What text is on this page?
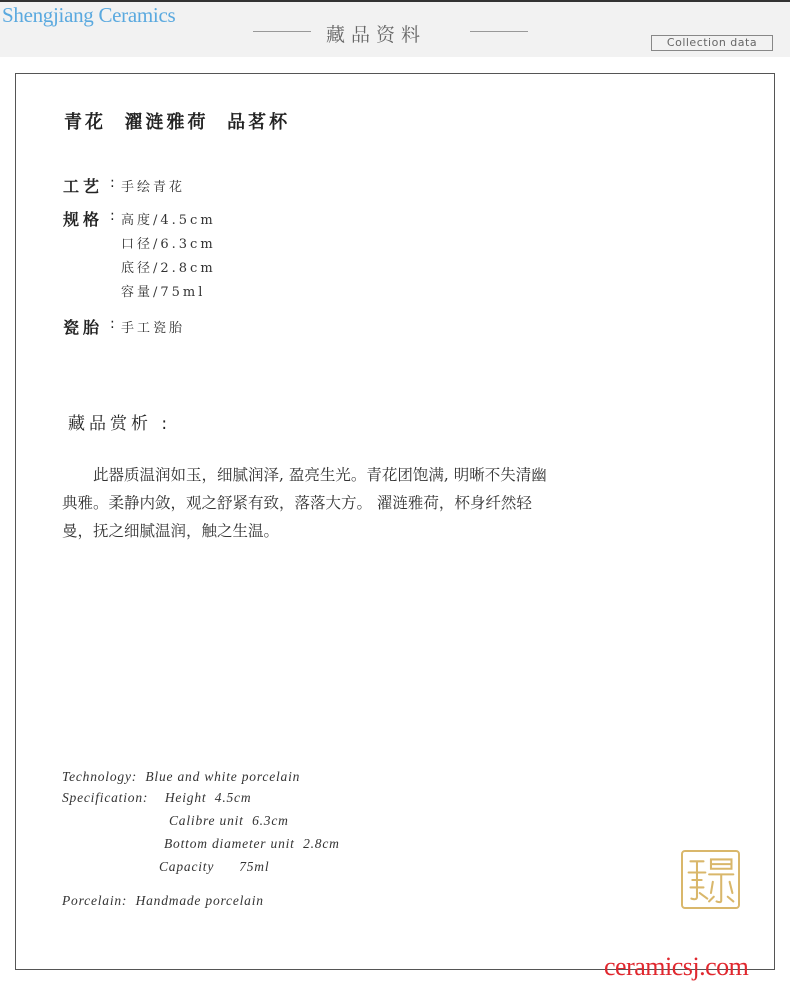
Shengjiang Ceramics
藏品资料	Collection data
青花  濯涟雅荷  品茗杯
工艺 : 手绘青花
规格 : 高度/4.5cm
口径/6.3cm
底径/2.8cm
容量/75ml
瓷胎 : 手工瓷胎
藏品赏析 :
此器质温润如玉，细腻润泽, 盈亮生光。青花团饱满, 明晰不失清幽典雅。柔静内敛，观之舒紧有致，落落大方。 濯涟雅荷，杯身纤然轻曼，抚之细腻温润，触之生温。
Technology:  Blue and white porcelain
Specification:    Height  4.5cm
Calibre unit  6.3cm
Bottom diameter unit  2.8cm
Capacity      75ml
Porcelain:  Handmade porcelain
ceramicsj.com
